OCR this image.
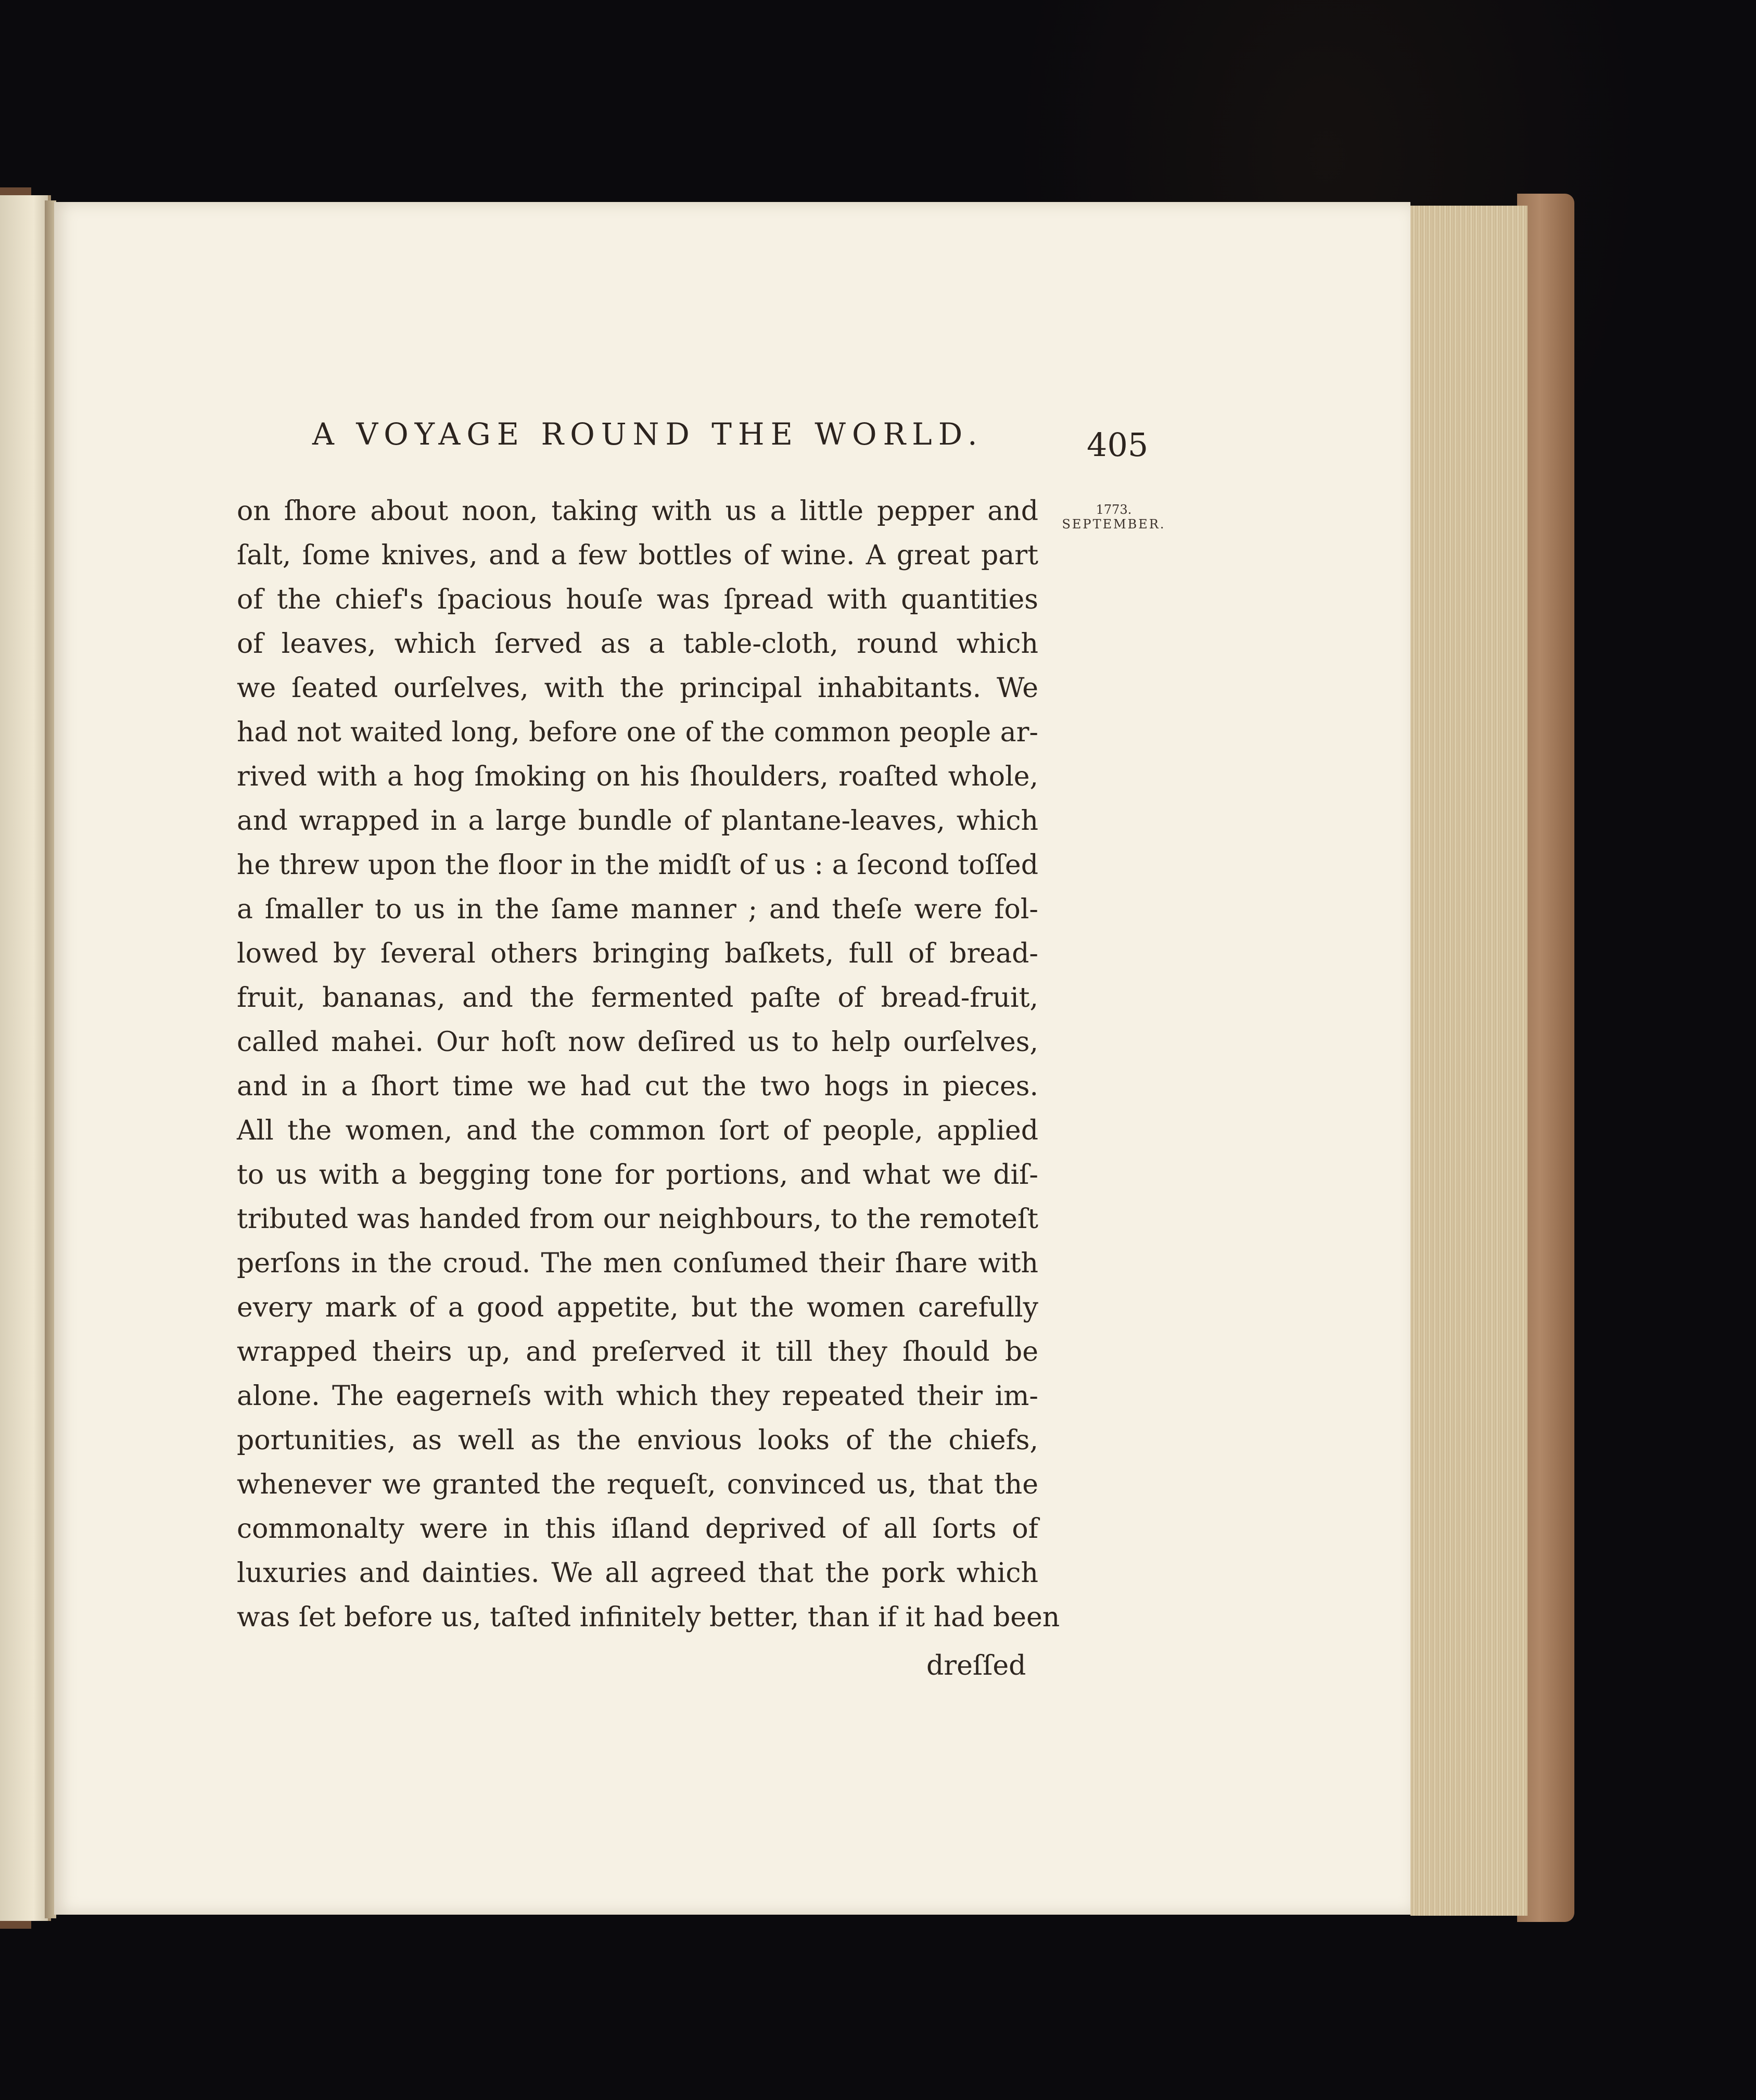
A VOYAGE ROUND THE WORLD.	405
1773.
SEPTEMBER.
on ſhore about noon, taking with us a little pepper and
ſalt, ſome knives, and a few bottles of wine. A great part
of the chief's ſpacious houſe was ſpread with quantities
of leaves, which ſerved as a table-cloth, round which
we ſeated ourſelves, with the principal inhabitants. We
had not waited long, before one of the common people ar-
rived with a hog ſmoking on his ſhoulders, roaſted whole,
and wrapped in a large bundle of plantane-leaves, which
he threw upon the floor in the midſt of us : a ſecond toſſed
a ſmaller to us in the ſame manner ; and theſe were fol-
lowed by ſeveral others bringing baſkets, full of bread-
fruit, bananas, and the fermented paſte of bread-fruit,
called mahei. Our hoſt now deſired us to help ourſelves,
and in a ſhort time we had cut the two hogs in pieces.
All the women, and the common ſort of people, applied
to us with a begging tone for portions, and what we diſ-
tributed was handed from our neighbours, to the remoteſt
perſons in the croud. The men conſumed their ſhare with
every mark of a good appetite, but the women carefully
wrapped theirs up, and preſerved it till they ſhould be
alone. The eagerneſs with which they repeated their im-
portunities, as well as the envious looks of the chiefs,
whenever we granted the requeſt, convinced us, that the
commonalty were in this iſland deprived of all ſorts of
luxuries and dainties. We all agreed that the pork which
was ſet before us, taſted infinitely better, than if it had been
dreſſed
